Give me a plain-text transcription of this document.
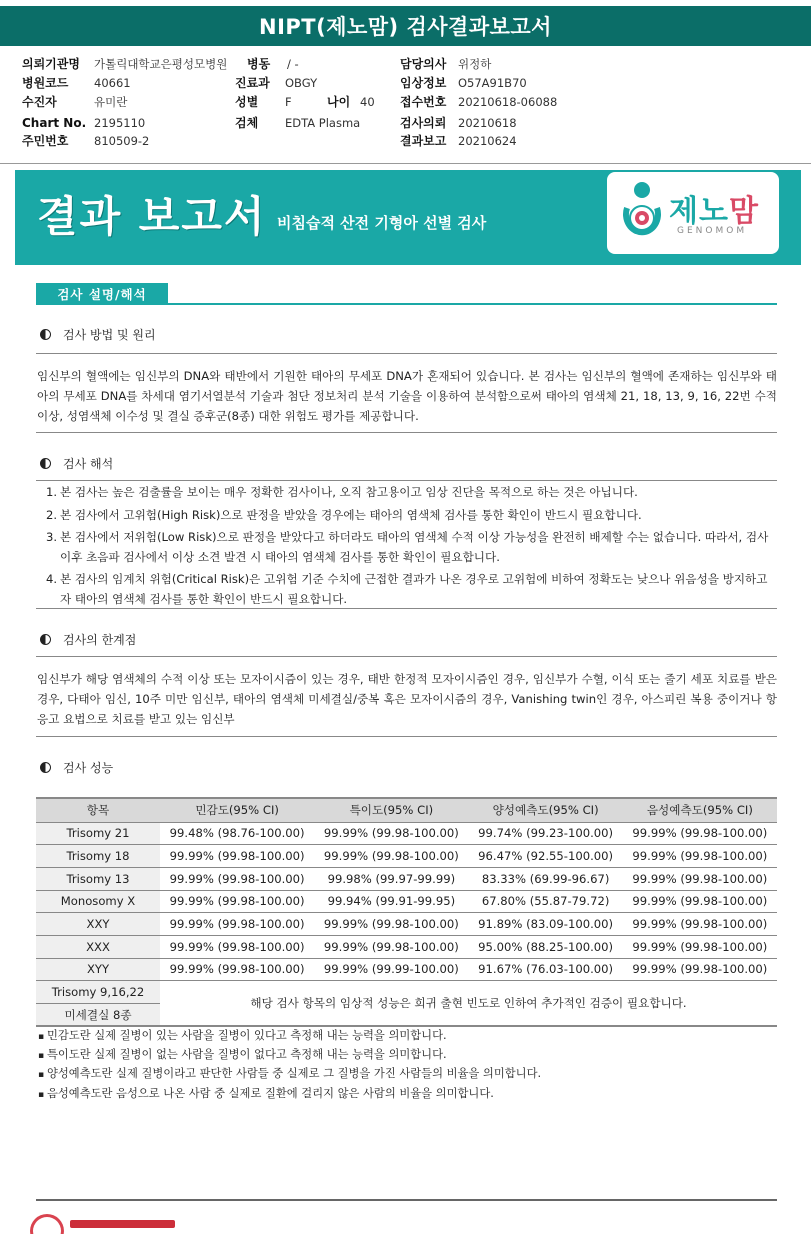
NIPT(제노맘) 검사결과보고서
의뢰기관명 가톨릭대학교은평성모병원 병동 / -	담당의사 위정하
병원코드 40661	진료과 OBGY	임상정보 O57A91B70
수진자	유미란	성별 F	나이 40 접수번호 20210618-06088
Chart No. 2195110	검체 EDTA Plasma	검사의뢰 20210618
주민번호 810509-2	결과보고 20210624
결과 보고서 비침습적 산전 기형아 선별 검사	제노맘
GENOMOM
검사 설명/해석
검사 방법 및 원리
임신부의 혈액에는 임신부의 DNA와 태반에서 기원한 태아의 무세포 DNA가 혼재되어 있습니다. 본 검사는 임신부의 혈액에 존재하는 임신부와 태아의 무세포 DNA를 차세대 염기서열분석 기술과 첨단 정보처리 분석 기술을 이용하여 분석함으로써 태아의 염색체 21, 18, 13, 9, 16, 22번 수적 이상, 성염색체 이수성 및 결실 증후군(8종) 대한 위험도 평가를 제공합니다.
검사 해석
1. 본 검사는 높은 검출률을 보이는 매우 정확한 검사이나, 오직 참고용이고 임상 진단을 목적으로 하는 것은 아닙니다.
2. 본 검사에서 고위험(High Risk)으로 판정을 받았을 경우에는 태아의 염색체 검사를 통한 확인이 반드시 필요합니다.
3. 본 검사에서 저위험(Low Risk)으로 판정을 받았다고 하더라도 태아의 염색체 수적 이상 가능성을 완전히 배제할 수는 없습니다. 따라서, 검사 이후 초음파 검사에서 이상 소견 발견 시 태아의 염색체 검사를 통한 확인이 필요합니다.
4. 본 검사의 임계치 위험(Critical Risk)은 고위험 기준 수치에 근접한 결과가 나온 경우로 고위험에 비하여 정확도는 낮으나 위음성을 방지하고자 태아의 염색체 검사를 통한 확인이 반드시 필요합니다.
검사의 한계점
임신부가 해당 염색체의 수적 이상 또는 모자이시즘이 있는 경우, 태반 한정적 모자이시즘인 경우, 임신부가 수혈, 이식 또는 줄기 세포 치료를 받은 경우, 다태아 임신, 10주 미만 임신부, 태아의 염색체 미세결실/중복 혹은 모자이시즘의 경우, Vanishing twin인 경우, 아스피린 복용 중이거나 항 응고 요법으로 치료를 받고 있는 임신부
검사 성능
항목	민감도(95% CI)	특이도(95% CI)	양성예측도(95% CI)	음성예측도(95% CI)
Trisomy 21	99.48% (98.76-100.00)	99.99% (99.98-100.00)	99.74% (99.23-100.00)	99.99% (99.98-100.00)
Trisomy 18	99.99% (99.98-100.00)	99.99% (99.98-100.00)	96.47% (92.55-100.00)	99.99% (99.98-100.00)
Trisomy 13	99.99% (99.98-100.00)	99.98% (99.97-99.99)	83.33% (69.99-96.67)	99.99% (99.98-100.00)
Monosomy X	99.99% (99.98-100.00)	99.94% (99.91-99.95)	67.80% (55.87-79.72)	99.99% (99.98-100.00)
XXY	99.99% (99.98-100.00)	99.99% (99.98-100.00)	91.89% (83.09-100.00)	99.99% (99.98-100.00)
XXX	99.99% (99.98-100.00)	99.99% (99.98-100.00)	95.00% (88.25-100.00)	99.99% (99.98-100.00)
XYY	99.99% (99.98-100.00)	99.99% (99.99-100.00)	91.67% (76.03-100.00)	99.99% (99.98-100.00)
Trisomy 9,16,22	해당 검사 항목의 임상적 성능은 희귀 출현 빈도로 인하여 추가적인 검증이 필요합니다.			
미세결실 8종				
▪ 민감도란 실제 질병이 있는 사람을 질병이 있다고 측정해 내는 능력을 의미합니다.
▪ 특이도란 실제 질병이 없는 사람을 질병이 없다고 측정해 내는 능력을 의미합니다.
▪ 양성예측도란 실제 질병이라고 판단한 사람들 중 실제로 그 질병을 가진 사람들의 비율을 의미합니다.
▪ 음성예측도란 음성으로 나온 사람 중 실제로 질환에 걸리지 않은 사람의 비율을 의미합니다.
